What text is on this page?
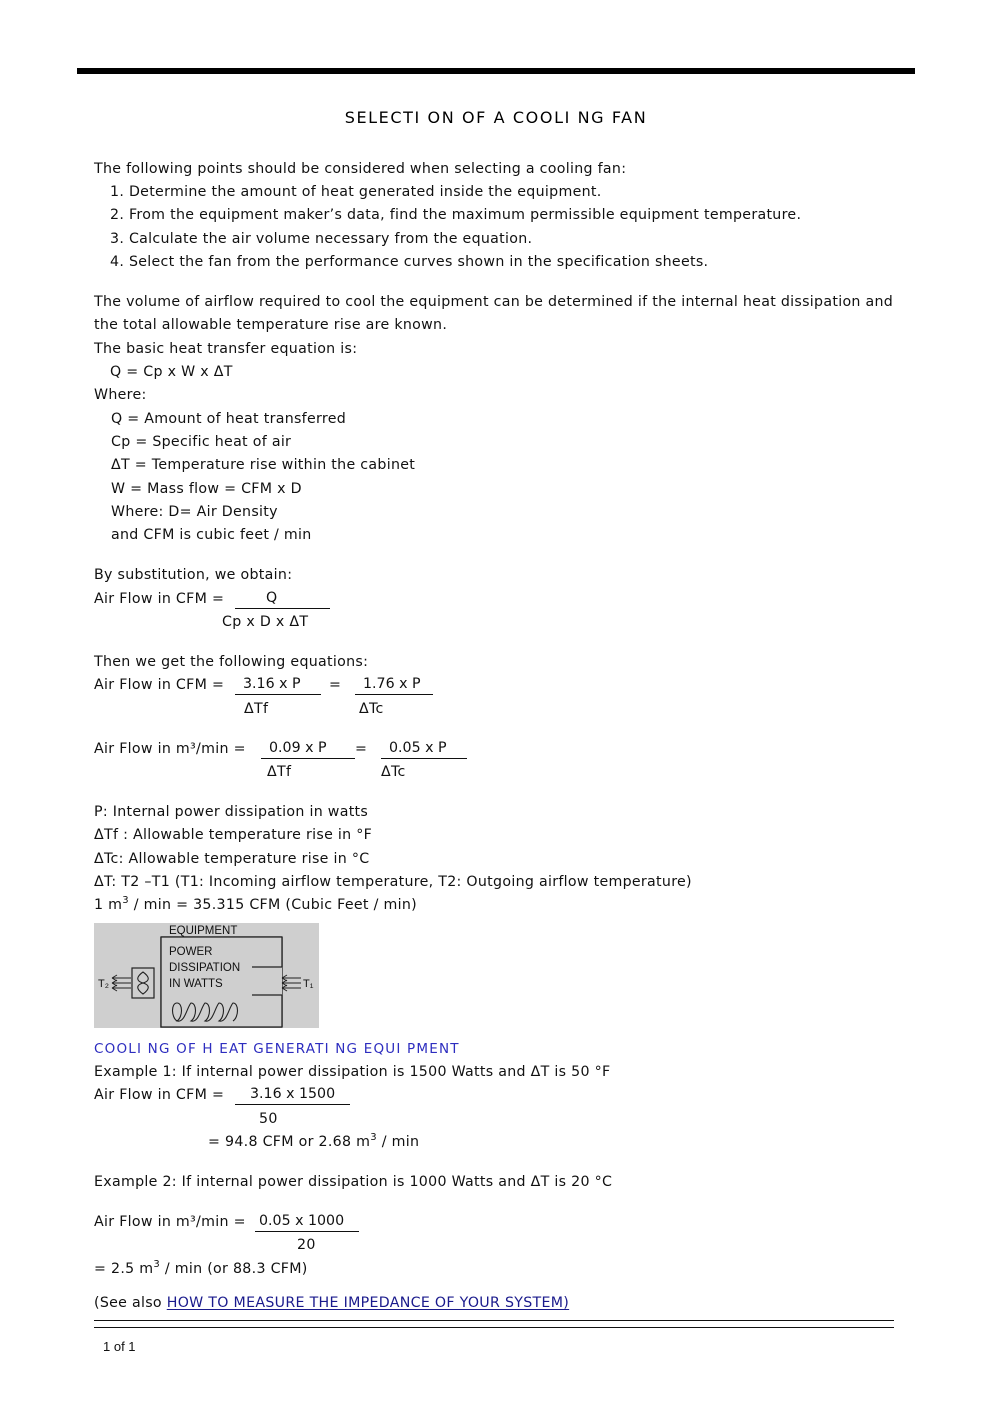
SELECTI ON OF A COOLI NG FAN
The following points should be considered when selecting a cooling fan:
1. Determine the amount of heat generated inside the equipment.
2. From the equipment maker’s data, find the maximum permissible equipment temperature.
3. Calculate the air volume necessary from the equation.
4. Select the fan from the performance curves shown in the specification sheets.
The volume of airflow required to cool the equipment can be determined if the internal heat dissipation and
the total allowable temperature rise are known.
The basic heat transfer equation is:
Q = Cp x W x ΔT
Where:
Q = Amount of heat transferred
Cp = Specific heat of air
ΔT = Temperature rise within the cabinet
W = Mass flow = CFM x D
Where: D= Air Density
and CFM is cubic feet / min
By substitution, we obtain:
Air Flow in CFM =	Q
Cp x D x ΔT
Then we get the following equations:
Air Flow in CFM =	3.16 x P	=	1.76 x P
ΔTf	ΔTc
Air Flow in m³/min =	0.09 x P	=	0.05 x P
ΔTf	ΔTc
P: Internal power dissipation in watts
ΔTf : Allowable temperature rise in °F
ΔTc: Allowable temperature rise in °C
ΔT: T2 –T1 (T1: Incoming airflow temperature, T2: Outgoing airflow temperature)
1 $m^3 / \min = 35.315$ CFM (Cubic Feet / min)
EQUIPMENT
POWER
DISSIPATION
IN WATTS
T₂	T₁
COOLI NG OF H EAT GENERATI NG EQUI PMENT
Example 1: If internal power dissipation is 1500 Watts and ΔT is 50 °F
Air Flow in CFM =	3.16 x 1500
50
= 94.8 CFM or 2.68 $m^3$ / min
Example 2: If internal power dissipation is 1000 Watts and ΔT is 20 °C
Air Flow in m³/min = 0.05 x 1000
20
= 2.5 $m^3$ / min (or 88.3 CFM)
(See also HOW TO MEASURE THE IMPEDANCE OF YOUR SYSTEM)
1 of 1
